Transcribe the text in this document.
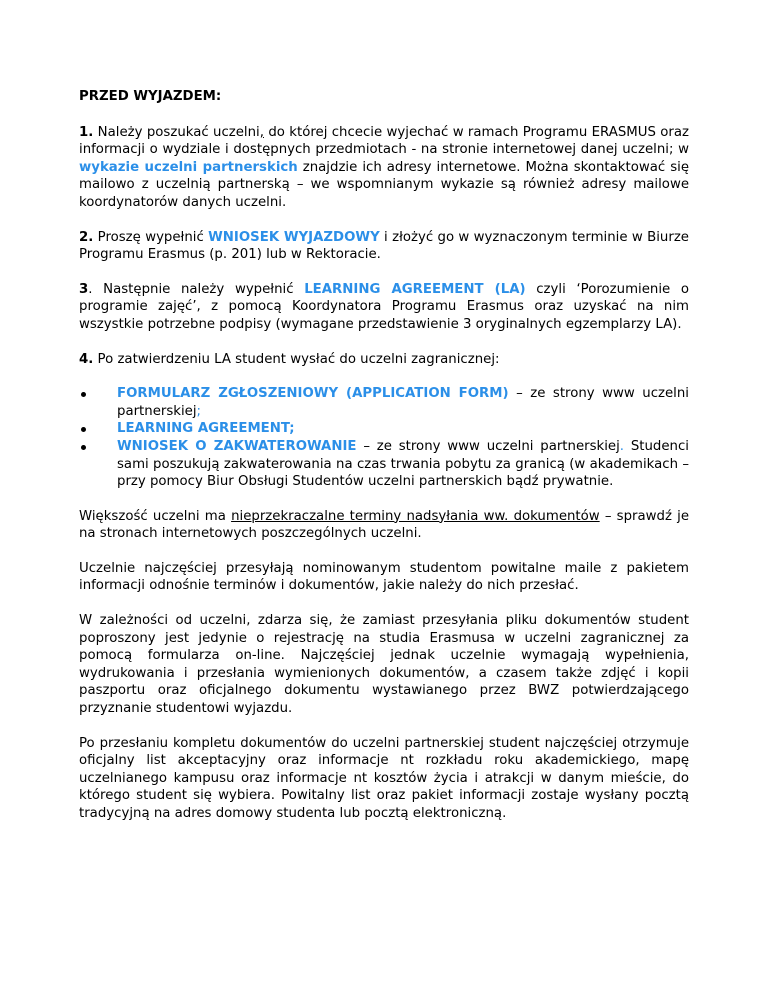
PRZED WYJAZDEM:

1. Należy poszukać uczelni, do której chcecie wyjechać w ramach Programu ERASMUS oraz informacji o wydziale i dostępnych przedmiotach - na stronie internetowej danej uczelni; w wykazie uczelni partnerskich znajdzie ich adresy internetowe. Można skontaktować się mailowo z uczelnią partnerską – we wspomnianym wykazie są również adresy mailowe koordynatorów danych uczelni.

2. Proszę wypełnić WNIOSEK WYJAZDOWY i złożyć go w wyznaczonym terminie w Biurze Programu Erasmus (p. 201) lub w Rektoracie.

3. Następnie należy wypełnić LEARNING AGREEMENT (LA) czyli ‘Porozumienie o programie zajęć’, z pomocą Koordynatora Programu Erasmus oraz uzyskać na nim wszystkie potrzebne podpisy (wymagane przedstawienie 3 oryginalnych egzemplarzy LA).

4. Po zatwierdzeniu LA student wysłać do uczelni zagranicznej:

FORMULARZ ZGŁOSZENIOWY (APPLICATION FORM) – ze strony www uczelni partnerskiej;
LEARNING AGREEMENT;
WNIOSEK O ZAKWATEROWANIE – ze strony www uczelni partnerskiej. Studenci sami poszukują zakwaterowania na czas trwania pobytu za granicą (w akademikach – przy pomocy Biur Obsługi Studentów uczelni partnerskich bądź prywatnie.

Większość uczelni ma nieprzekraczalne terminy nadsyłania ww. dokumentów – sprawdź je na stronach internetowych poszczególnych uczelni.

Uczelnie najczęściej przesyłają nominowanym studentom powitalne maile z pakietem informacji odnośnie terminów i dokumentów, jakie należy do nich przesłać.

W zależności od uczelni, zdarza się, że zamiast przesyłania pliku dokumentów student poproszony jest jedynie o rejestrację na studia Erasmusa w uczelni zagranicznej za pomocą formularza on-line. Najczęściej jednak uczelnie wymagają wypełnienia, wydrukowania i przesłania wymienionych dokumentów, a czasem także zdjęć i kopii paszportu oraz oficjalnego dokumentu wystawianego przez BWZ potwierdzającego przyznanie studentowi wyjazdu.

Po przesłaniu kompletu dokumentów do uczelni partnerskiej student najczęściej otrzymuje oficjalny list akceptacyjny oraz informacje nt rozkładu roku akademickiego, mapę uczelnianego kampusu oraz informacje nt kosztów życia i atrakcji w danym mieście, do którego student się wybiera. Powitalny list oraz pakiet informacji zostaje wysłany pocztą tradycyjną na adres domowy studenta lub pocztą elektroniczną.
